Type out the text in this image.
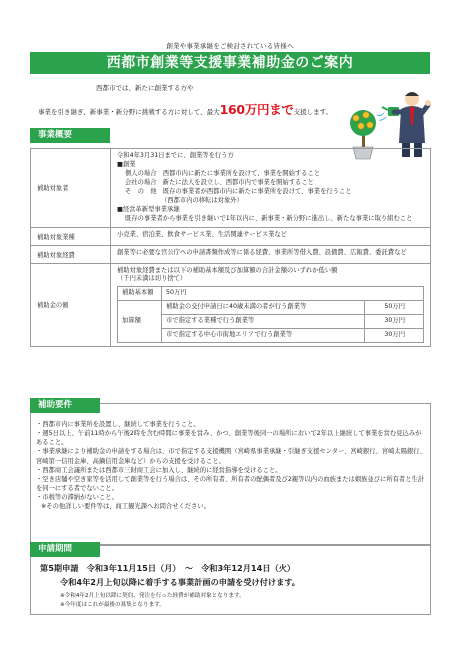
創業や事業承継をご検討されている皆様へ
西都市創業等支援事業補助金のご案内
西都市では、新たに創業する方や
事業を引き継ぎ、新事業・新分野に挑戦する方に対して、最大160万円まで支援します。
事業概要
補助対象者	
令和4年3月31日までに、創業等を行う方
■創業
個人の場合　西都市内に新たに事業所を設けて、事業を開始すること
会社の場合　新たに法人を設立し、西都市内で事業を開始すること
そ　の　他　既存の事業者が西都市内に新たに事業所を設けて、事業を行うこと
（西都市内の移転は対象外）
■経営革新型事業承継
既存の事業者から事業を引き継いで1年以内に、新事業・新分野に進出し、新たな事業に取り組むこと

補助対象業種	小売業、宿泊業、飲食サービス業、生活関連サービス業など
補助対象経費	創業等に必要な官公庁への申請書類作成等に係る経費、事業所等借入費、設備費、広報費、委託費など
補助金の額	
補助対象経費または以下の補助基本額及び加算額の合計金額のいずれか低い額
（千円未満は切り捨て）
補助基本額	50万円
加算額	補助金の交付申請日に40歳未満の者が行う創業等	50万円
市で指定する業種で行う創業等	30万円
市で指定する中心市街地エリアで行う創業等	30万円
補助要件
・西都市内に事業所を設置し、継続して事業を行うこと。
・週5日以上、午前11時から午後2時を含む時間に事業を営み、かつ、創業等後同一の場所において2年以上継続して事業を営む見込みがあること。
・事業承継により補助金の申請をする場合は、市で指定する支援機関（宮崎県事業承継・引継ぎ支援センター、宮崎銀行、宮崎太陽銀行、宮崎第一信用金庫、高鍋信用金庫など）からの支援を受けること。
・西都商工会議所または西都市三財商工会に加入し、継続的に経営指導を受けること。
・空き店舗や空き家等を活用して創業等を行う場合は、その所有者、所有者の配偶者及び2親等以内の血族または姻族並びに所有者と生計を同一にする者でないこと。
・市税等の滞納がないこと。
※その他詳しい要件等は、商工観光課へお問合せください。
申請期間
第5期申請　令和3年11月15日（月）　～　令和3年12月14日（火）
令和4年2月上旬以降に着手する事業計画の申請を受け付けます。
※令和4年2月上旬以降に契約、発注を行った経費が補助対象となります。
※今年度はこれが最後の募集となります。
